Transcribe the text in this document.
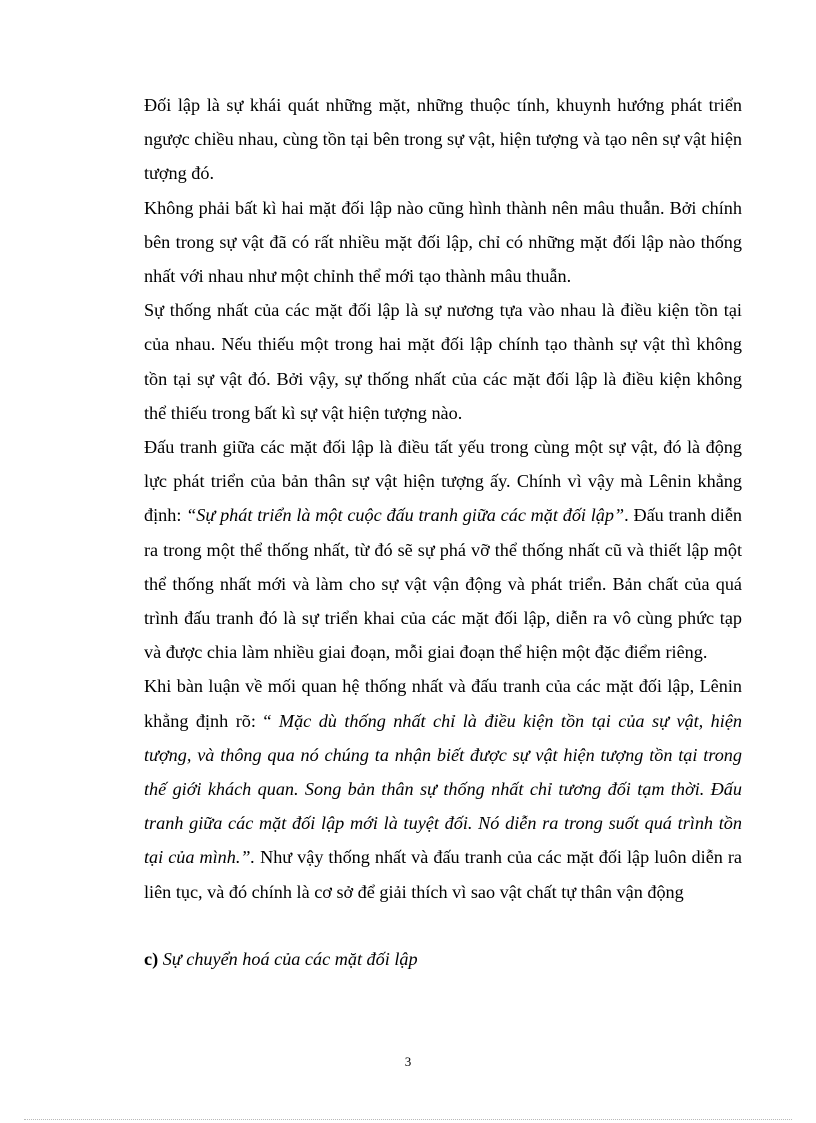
Đối lập là sự khái quát những mặt, những thuộc tính, khuynh hướng phát triển ngược chiều nhau, cùng tồn tại bên trong sự vật, hiện tượng và tạo nên sự vật hiện tượng đó.

Không phải bất kì hai mặt đối lập nào cũng hình thành nên mâu thuẫn. Bởi chính bên trong sự vật đã có rất nhiều mặt đối lập, chỉ có những mặt đối lập nào thống nhất với nhau như một chỉnh thể mới tạo thành mâu thuẫn.

Sự thống nhất của các mặt đối lập là sự nương tựa vào nhau là điều kiện tồn tại của nhau. Nếu thiếu một trong hai mặt đối lập chính tạo thành sự vật thì không tồn tại sự vật đó. Bởi vậy, sự thống nhất của các mặt đối lập là điều kiện không thể thiếu trong bất kì sự vật hiện tượng nào.

Đấu tranh giữa các mặt đối lập là điều tất yếu trong cùng một sự vật, đó là động lực phát triển của bản thân sự vật hiện tượng ấy. Chính vì vậy mà Lênin khẳng định: “Sự phát triển là một cuộc đấu tranh giữa các mặt đối lập”. Đấu tranh diễn ra trong một thể thống nhất, từ đó sẽ sự phá vỡ thể thống nhất cũ và thiết lập một thể thống nhất mới và làm cho sự vật vận động và phát triển. Bản chất của quá trình đấu tranh đó là sự triển khai của các mặt đối lập, diễn ra vô cùng phức tạp và được chia làm nhiều giai đoạn, mỗi giai đoạn thể hiện một đặc điểm riêng.

Khi bàn luận về mối quan hệ thống nhất và đấu tranh của các mặt đối lập, Lênin khẳng định rõ: “ Mặc dù thống nhất chỉ là điều kiện tồn tại của sự vật, hiện tượng, và thông qua nó chúng ta nhận biết được sự vật hiện tượng tồn tại trong thế giới khách quan. Song bản thân sự thống nhất chỉ tương đối tạm thời. Đấu tranh giữa các mặt đối lập mới là tuyệt đối. Nó diễn ra trong suốt quá trình tồn tại của mình.”. Như vậy thống nhất và đấu tranh của các mặt đối lập luôn diễn ra liên tục, và đó chính là cơ sở để giải thích vì sao vật chất tự thân vận động

c) Sự chuyển hoá của các mặt đối lập
3
